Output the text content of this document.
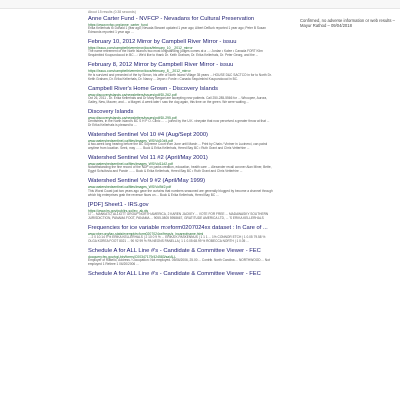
About 15 results (0.38 seconds)
Anne Carter Fund - NVFCP - Nevadans for Cultural Preservation
https://www.nvfcp.org/anne_carter_fund
Erika Kellerhals to Donald 1 year ago; Nevada Stewart updated 1 year ago; Albert DeBurk reported 1 year ago; Peter B Susan Edmonds reported 1 year ago ...
February 10, 2012 Mirror by Campbell River Mirror - issuu
https://issuu.com/campbellrivermirror/docs/february_10__2012_mirror
The name retirement of the North Island's two most longstanding judges comes at a ...: Jordan • Kalee • Canada FORT Klim Sequimbird Koupundoood in BC ...: We'd like to thank Dr. Keith Graham, Dr. Erika Kellerhals, Dr. Peter Georg, and the ...
February 8, 2012 Mirror by Campbell River Mirror - issuu
https://issuu.com/campbellrivermirror/docs/february_8__2012_mirror
He is survived and preceded of the by Simon, his wife of North Island Village 35 years ... HOUSE D&C SACTCO in for to North Dr. Keith Graham, Dr. Erika Kellerhals, Dr. Nancy ... Jepon • Forde • Canada Sequimbird Koupundoood in BC.
Campbell River's Home Grown - Discovery Islands
www.discoveryislands.ca/newsletters/issues/pdf/DI-262.pdf
Oct 26, 2011 - Dr. Erika Kellerhals and Dr Mary Bergari are accepting new patients. Call 250-285-5566 for ... Whoopee, Aurora, Gailey, New, Maurer, and ... a Magret. A week later I saw the dog again, this time on the green. We were waiting ...
Discovery Islands
www.discoveryislands.ca/newsletters/issues/pdf/DI-295.pdf
Dentistries, in the North Island's BC S H P O. Clinic ... ... joined by the U.K. vineyate that now perceived a greater throw at that ... Dr Erika Kellerhals is pleased to ...
Watershed Sentinel Vol 10 #4 (Aug/Sept 2000)
www.watershedsentinel.ca/files/images_WS/Vol10#4.pdf
A two-week long hearing before the BC Supreme Court from June until March ... Print by Chain / Vintner in Lucinerci, can patrol anytime from location. Seek, may ... ... Buck & Erika Kellerhals, Hered Bay BC • Ruth Grant and Chris Vetterhire ...
Watershed Sentinel Vol 11 #2 (April/May 2001)
www.watershedsentinel.ca/files/images_WS/Vol11#2.pdf
Notwithstanding the fine record of the NDP on parks creation, education, health care ... Alexander recall coroner Alan Miner, Bette, Egypt Schultovia and Parole ... ... Buck & Erika Kellerhals, Hered Bay BC • Ruth Grant and Chris Vetterhire ...
Watershed Sentinel Vol 9 #2 (April/May 1999)
www.watershedsentinel.ca/files/images_WS/Vol9#2.pdf
This Worst Coast just two years ago gave the curtains that numbers seasoned are generally blogged by become a channel through which big enterprises grab the revenue flows on ... Buck & Erika Kellerhals, Hered Bay BC ...
[PDF] Sheet1 - IRS.gov
https://www.irs.gov/pub/irs-soi/eo_ak.xls
17 ... MANKATO, ALLIOTT GROUP NORTH AMERICA, 2 KAREN JACKEY ... VOTE FOR FREE ... MADAWASKY SOUTHERN JURISDICTION, PANAMA FOOT, PANAMA ... 9055-0805 5958667, GRATITUDE AMERICA LTD, ... 'S ERIKA KELLERHALS
Frequencies for ice variable m:eform0207024xx dataset : In Care of ...
www.nber.org/tax-stats/exempt/ecform0207024xx/freqs/s_incareofname.html
... 2 0 10.14 9 % ERIKA KELLERHALS | 2 10 0 9 % ... ERIKA K.PASKENNUS | 1 1 1 ... 1% CONNOR ETCH | 1 0.05 79.58 % OLGA KOREA FOOT 8021 ... 90 92 99 % PA NEONS PANELLA | 1 1 0.05 68.99 % ROBECCA NORTH | 1 0.05 ...
Schedule A for ALL Line #'s - Candidate & Committee Viewer - FEC
docquery.fec.gov/cgi-bin/forms/C00347179/424583/sa/ALL
Employer of Rakello, Address / Occupation: Not employed. 05/06/2006, 25.00 ... Contrib. North Carolina ... NORTHWOOD ... Not employed 1 Retiree 1 06/20/2006 ...
Schedule A for ALL Line #'s - Candidate & Committee Viewer - FEC
Confirmed, no adverse information or web results – Mayur Rathod – 09/04/2018
